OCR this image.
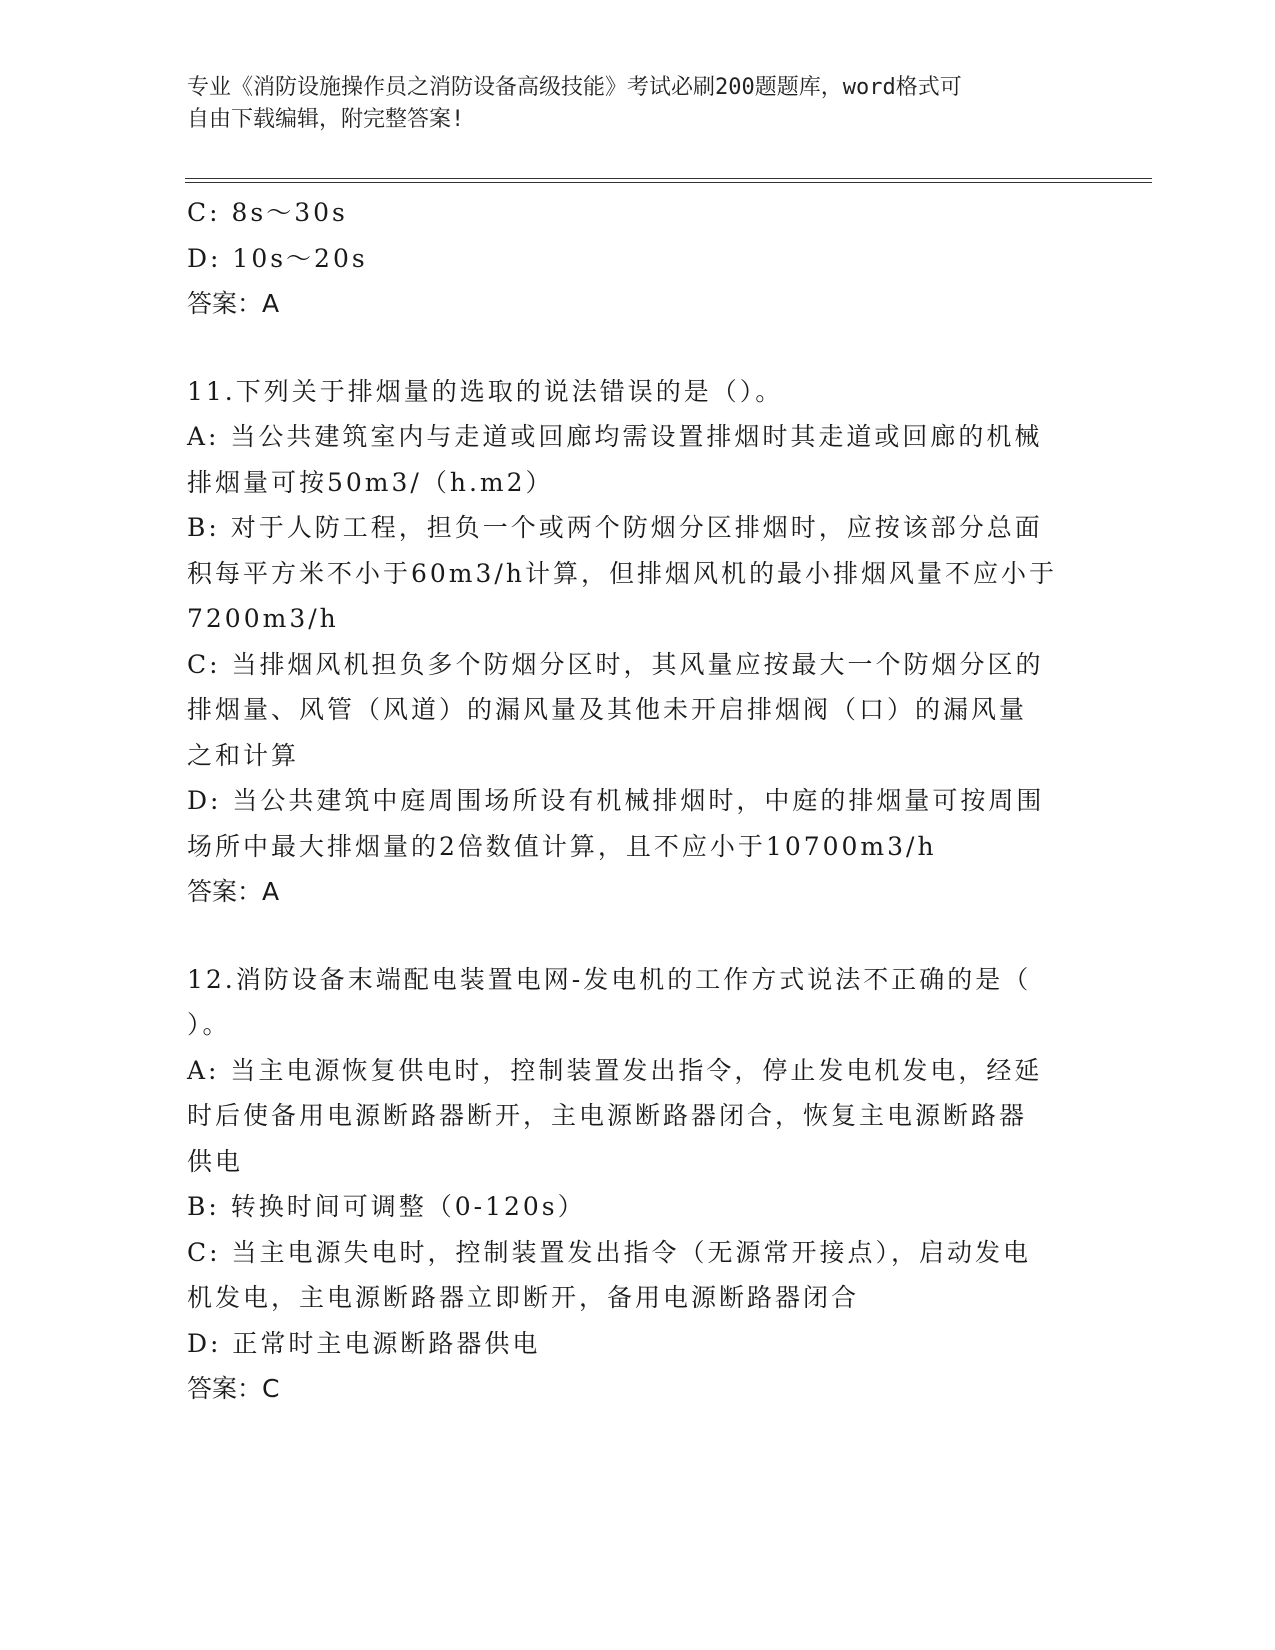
专业《消防设施操作员之消防设备高级技能》考试必刷200题题库，word格式可
自由下载编辑，附完整答案!
C: 8s～30s
D: 10s～20s
答案：A
11.下列关于排烟量的选取的说法错误的是（）。
A: 当公共建筑室内与走道或回廊均需设置排烟时其走道或回廊的机械
排烟量可按50m3/（h.m2）
B: 对于人防工程，担负一个或两个防烟分区排烟时，应按该部分总面
积每平方米不小于60m3/h计算，但排烟风机的最小排烟风量不应小于
7200m3/h
C: 当排烟风机担负多个防烟分区时，其风量应按最大一个防烟分区的
排烟量、风管（风道）的漏风量及其他未开启排烟阀（口）的漏风量
之和计算
D: 当公共建筑中庭周围场所设有机械排烟时，中庭的排烟量可按周围
场所中最大排烟量的2倍数值计算，且不应小于10700m3/h
答案：A
12.消防设备末端配电装置电网-发电机的工作方式说法不正确的是（
）。
A: 当主电源恢复供电时，控制装置发出指令，停止发电机发电，经延
时后使备用电源断路器断开，主电源断路器闭合，恢复主电源断路器
供电
B: 转换时间可调整（0-120s）
C: 当主电源失电时，控制装置发出指令（无源常开接点），启动发电
机发电，主电源断路器立即断开，备用电源断路器闭合
D: 正常时主电源断路器供电
答案：C
